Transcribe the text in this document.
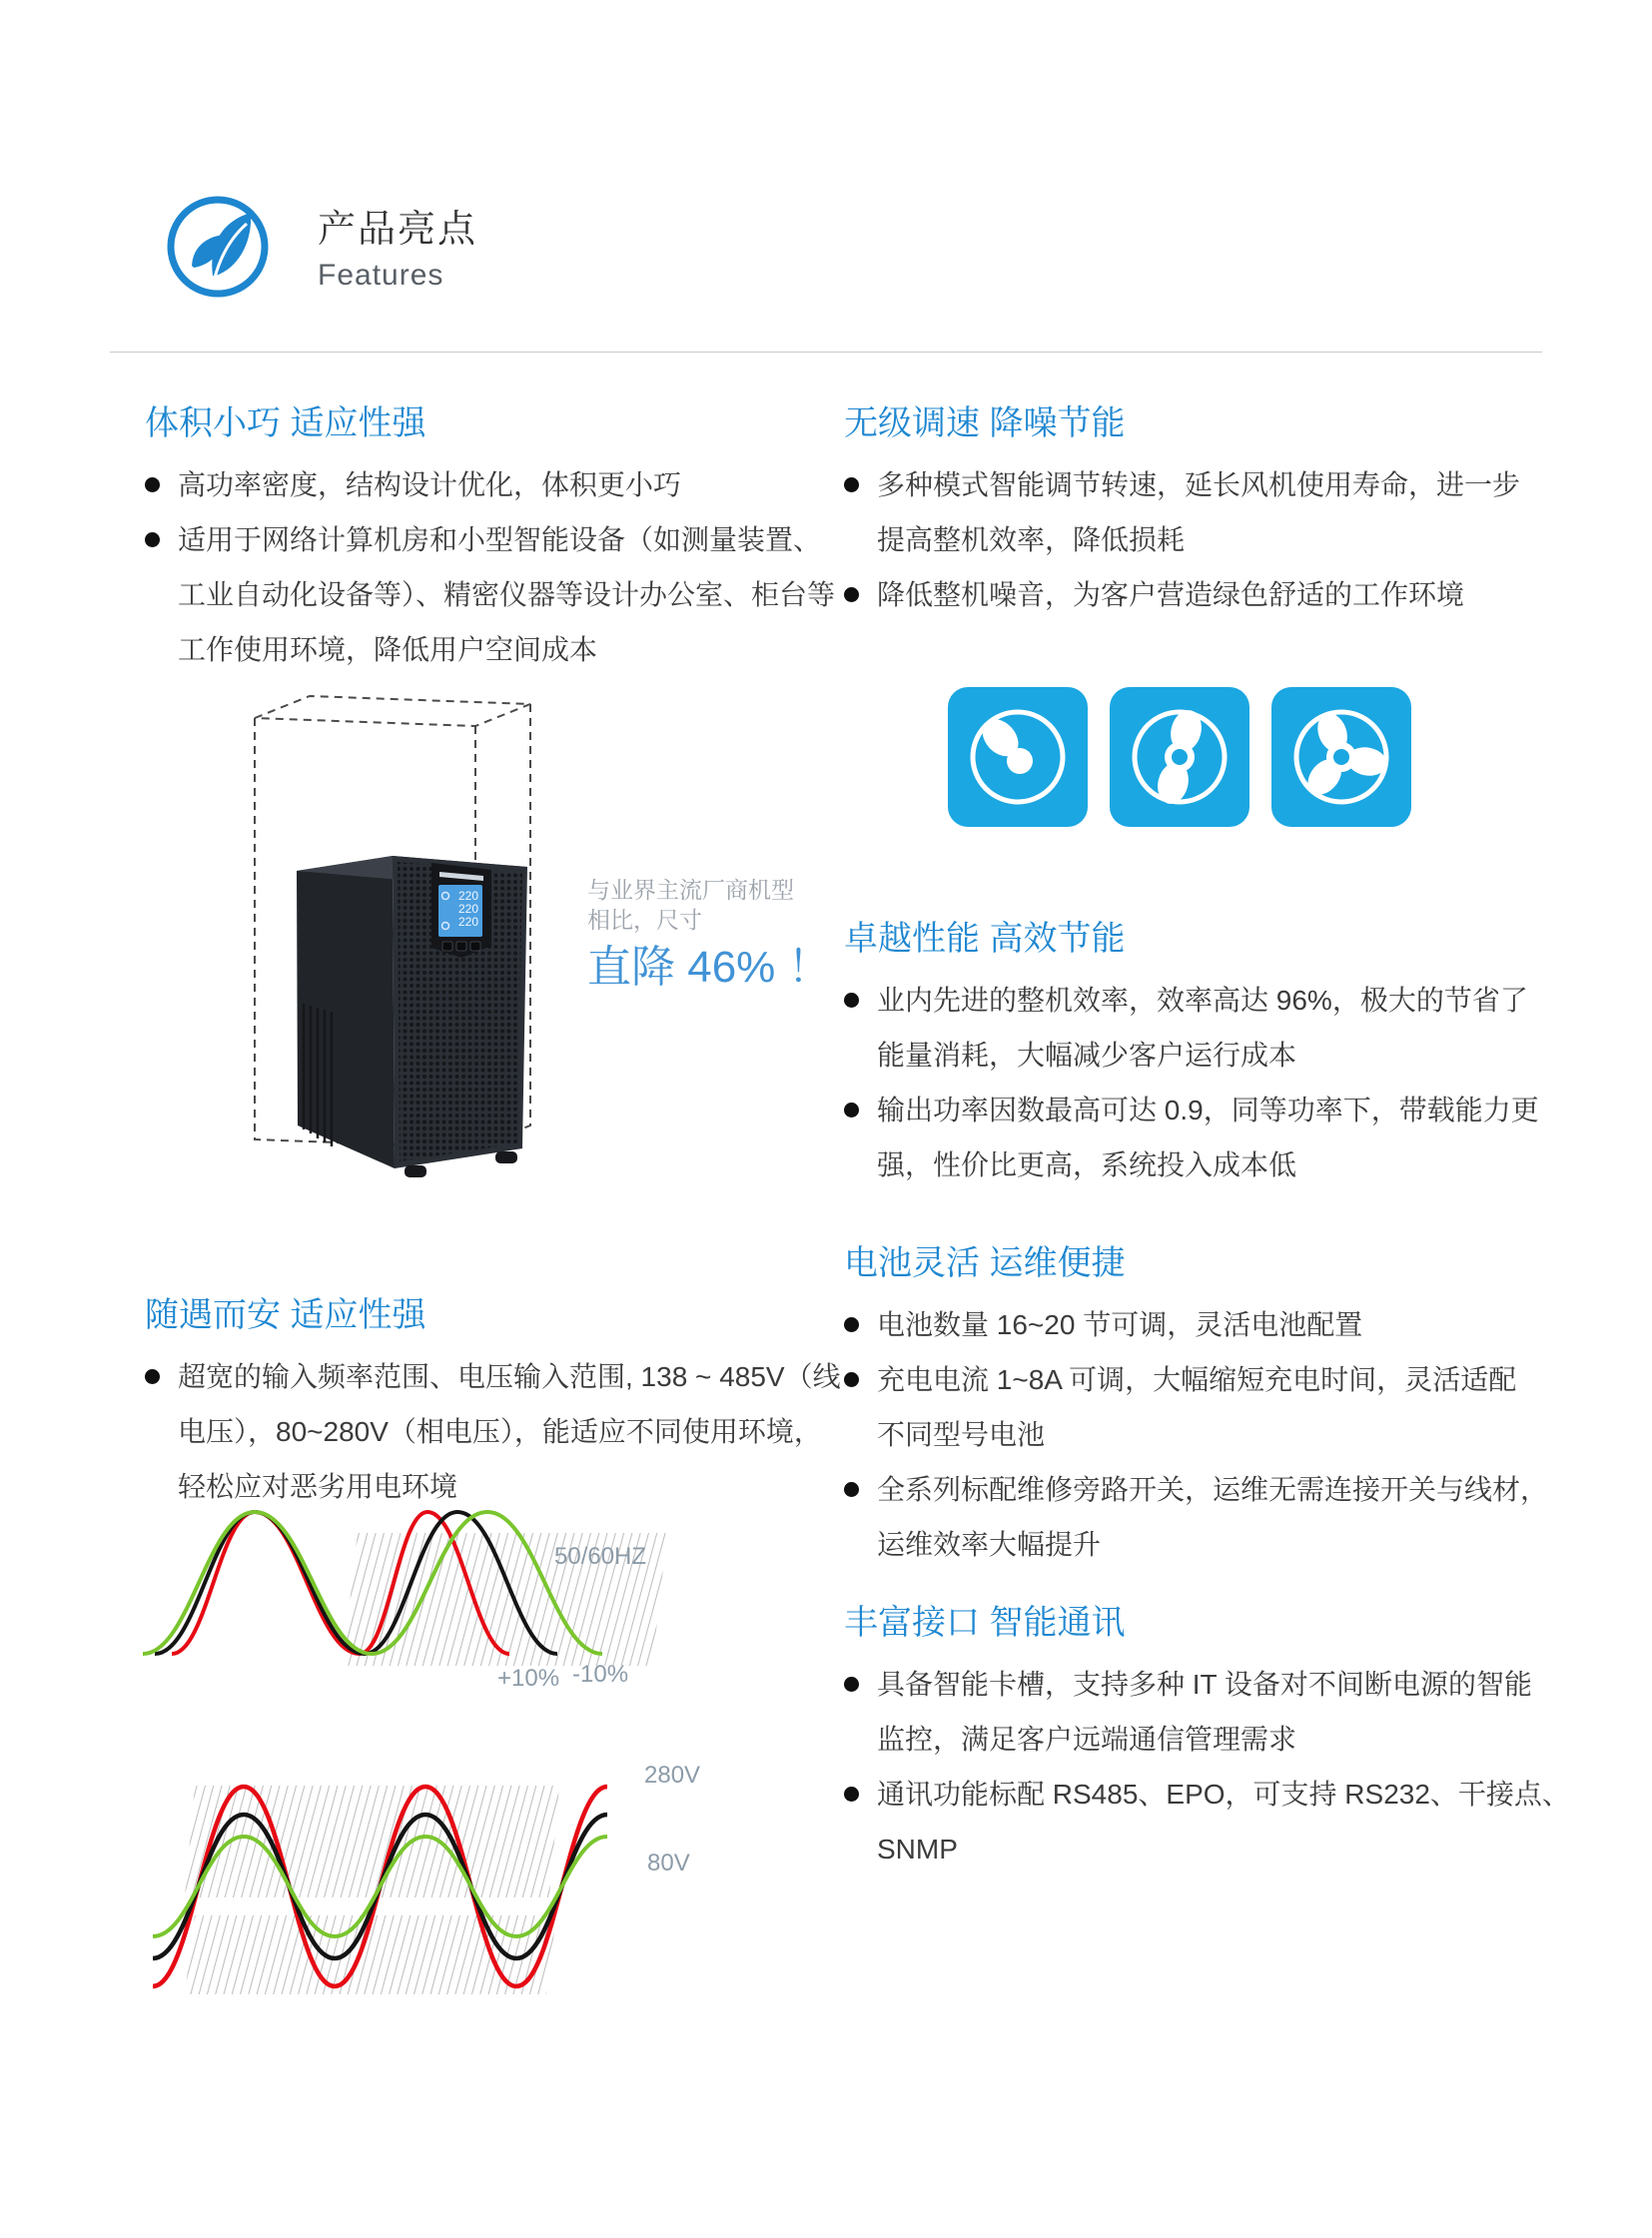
产品亮点

Features

体积小巧 适应性强
高功率密度，结构设计优化，体积更小巧
适用于网络计算机房和小型智能设备（如测量装置、
工业自动化设备等）、精密仪器等设计办公室、柜台等
工作使用环境，降低用户空间成本
220
220
220
与业界主流厂商机型
相比，尺寸
直降 46% ！
随遇而安 适应性强
超宽的输入频率范围、电压输入范围, 138 ~ 485V（线
电压），80~280V（相电压），能适应不同使用环境，
轻松应对恶劣用电环境
50/60HZ
+10% -10%
280V
80V
无级调速 降噪节能
多种模式智能调节转速，延长风机使用寿命，进一步
提高整机效率，降低损耗
降低整机噪音，为客户营造绿色舒适的工作环境
卓越性能 高效节能
业内先进的整机效率，效率高达 96%，极大的节省了
能量消耗，大幅减少客户运行成本
输出功率因数最高可达 0.9，同等功率下，带载能力更
强，性价比更高，系统投入成本低
电池灵活 运维便捷
电池数量 16~20 节可调，灵活电池配置
充电电流 1~8A 可调，大幅缩短充电时间，灵活适配
不同型号电池
全系列标配维修旁路开关，运维无需连接开关与线材，
运维效率大幅提升
丰富接口 智能通讯
具备智能卡槽，支持多种 IT 设备对不间断电源的智能
监控，满足客户远端通信管理需求
通讯功能标配 RS485、EPO，可支持 RS232、干接点、
SNMP
